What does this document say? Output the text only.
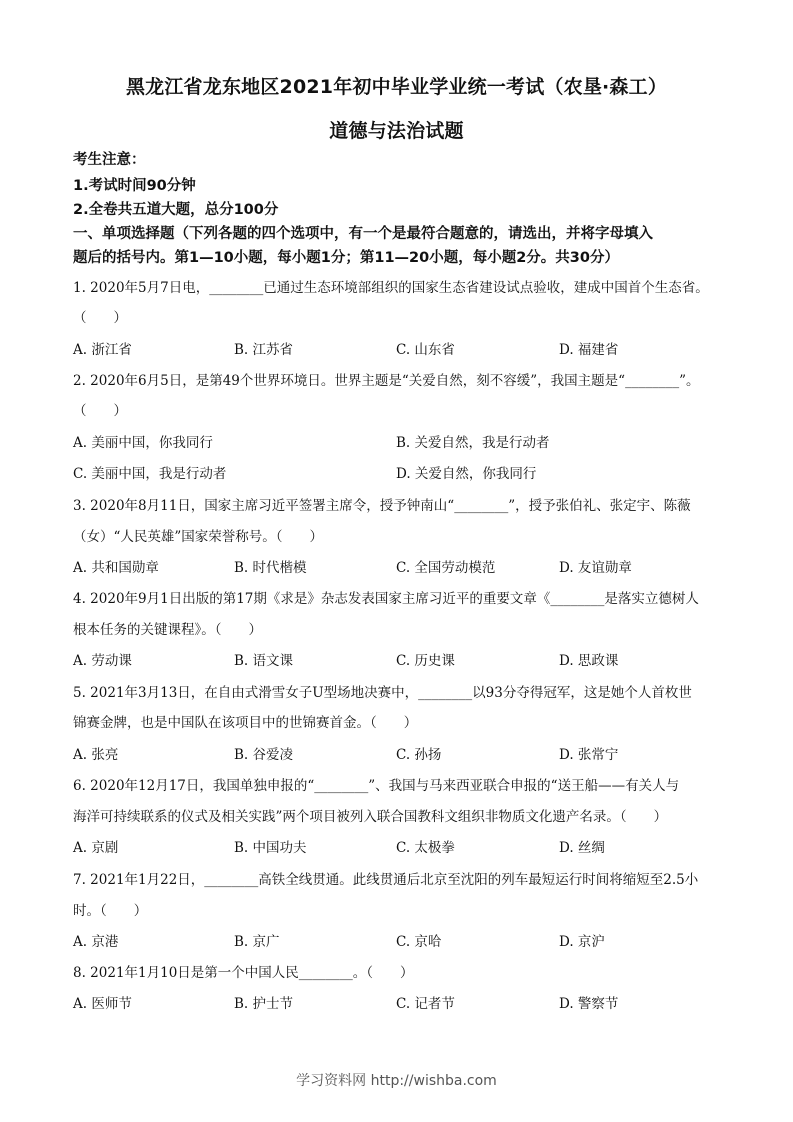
黑龙江省龙东地区2021年初中毕业学业统一考试（农垦·森工）
道德与法治试题
考生注意：
1.考试时间90分钟
2.全卷共五道大题，总分100分
一、单项选择题（下列各题的四个选项中，有一个是最符合题意的，请选出，并将字母填入
题后的括号内。第1—10小题，每小题1分；第11—20小题，每小题2分。共30分）
1. 2020年5月7日电，________已通过生态环境部组织的国家生态省建设试点验收，建成中国首个生态省。
（　　）
A. 浙江省	B. 江苏省	C. 山东省	D. 福建省
2. 2020年6月5日，是第49个世界环境日。世界主题是“关爱自然，刻不容缓”，我国主题是“________”。
（　　）
A. 美丽中国，你我同行	B. 关爱自然，我是行动者
C. 美丽中国，我是行动者	D. 关爱自然，你我同行
3. 2020年8月11日，国家主席习近平签署主席令，授予钟南山“________”，授予张伯礼、张定宇、陈薇
（女）“人民英雄”国家荣誉称号。（　　）
A. 共和国勋章	B. 时代楷模	C. 全国劳动模范	D. 友谊勋章
4. 2020年9月1日出版的第17期《求是》杂志发表国家主席习近平的重要文章《________是落实立德树人
根本任务的关键课程》。（　　）
A. 劳动课	B. 语文课	C. 历史课	D. 思政课
5. 2021年3月13日，在自由式滑雪女子U型场地决赛中，________以93分夺得冠军，这是她个人首枚世
锦赛金牌，也是中国队在该项目中的世锦赛首金。（　　）
A. 张亮	B. 谷爱凌	C. 孙扬	D. 张常宁
6. 2020年12月17日，我国单独申报的“________”、我国与马来西亚联合申报的“送王船——有关人与
海洋可持续联系的仪式及相关实践”两个项目被列入联合国教科文组织非物质文化遗产名录。（　　）
A. 京剧	B. 中国功夫	C. 太极拳	D. 丝绸
7. 2021年1月22日，________高铁全线贯通。此线贯通后北京至沈阳的列车最短运行时间将缩短至2.5小
时。（　　）
A. 京港	B. 京广	C. 京哈	D. 京沪
8. 2021年1月10日是第一个中国人民________。（　　）
A. 医师节	B. 护士节	C. 记者节	D. 警察节
学习资料网 http://wishba.com
